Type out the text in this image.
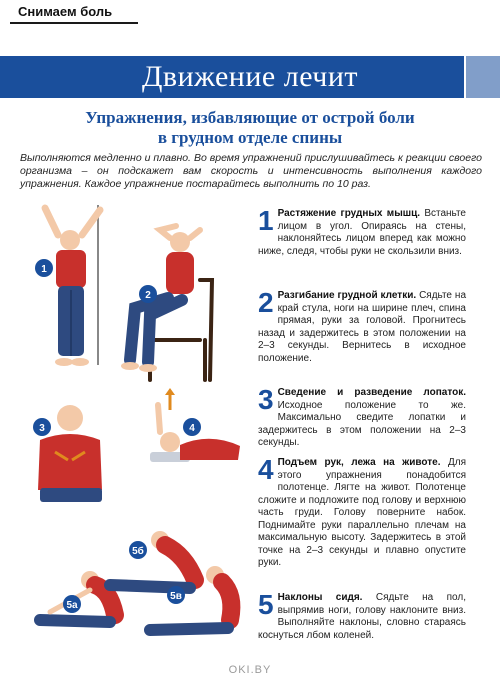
Снимаем боль
Движение лечит
Упражнения, избавляющие от острой боли
в грудном отделе спины
Выполняются медленно и плавно. Во время упражнений прислушивайтесь к реакции своего организма – он подскажет вам скорость и интенсивность выполнения каждого упражнения. Каждое упражнение постарайтесь выполнить по 10 раз.
1
2
3	4
5а
5б
5в
1 Растяжение грудных мышц. Встаньте лицом в угол. Опираясь на стены, наклоняйтесь лицом вперед как можно ниже, следя, чтобы руки не скользили вниз.
2 Разгибание грудной клетки. Сядьте на край стула, ноги на ширине плеч, спина прямая, руки за головой. Прогнитесь назад и задержитесь в этом положении на 2–3 секунды. Вернитесь в исходное положение.
3 Сведение и разведение лопаток. Исходное положение то же. Максимально сведите лопатки и задержитесь в этом положении на 2–3 секунды.
4 Подъем рук, лежа на животе. Для этого упражнения понадобится полотенце. Лягте на живот. Полотенце сложите и подложите под голову и верхнюю часть груди. Голову поверните набок. Поднимайте руки параллельно плечам на максимальную высоту. Задержитесь в этой точке на 2–3 секунды и плавно опустите руки.
5 Наклоны сидя. Сядьте на пол, выпрямив ноги, голову наклоните вниз. Выполняйте наклоны, словно стараясь коснуться лбом коленей.
OKI.BY
